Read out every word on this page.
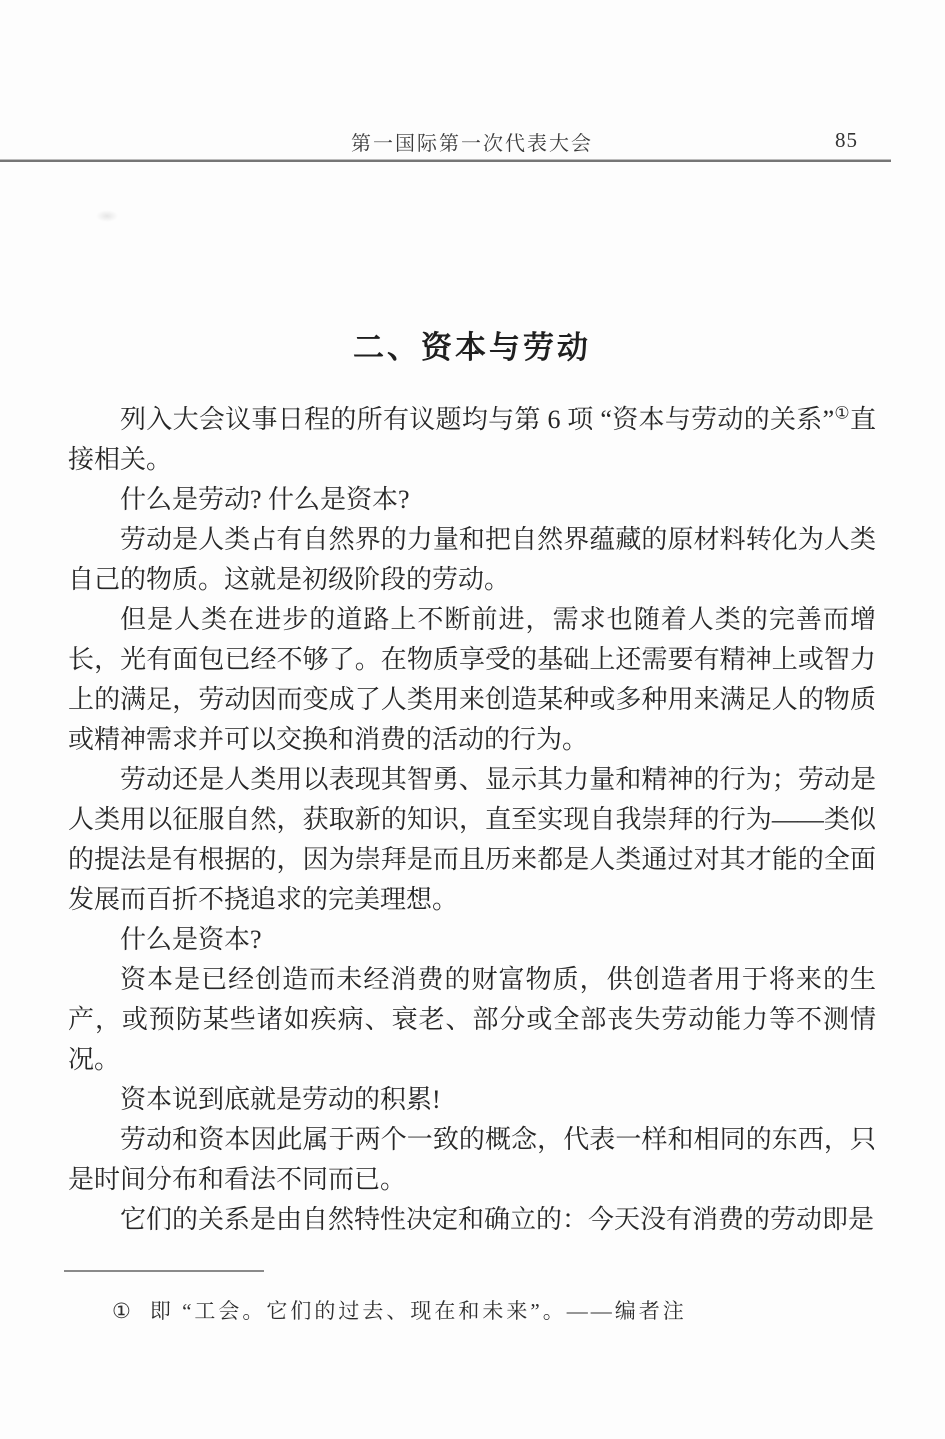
第一国际第一次代表大会	85
二、资本与劳动

列入大会议事日程的所有议题均与第 6 项 “资本与劳动的关系”①直接相关。

什么是劳动? 什么是资本?

劳动是人类占有自然界的力量和把自然界蕴藏的原材料转化为人类自己的物质。这就是初级阶段的劳动。

但是人类在进步的道路上不断前进，需求也随着人类的完善而增长，光有面包已经不够了。在物质享受的基础上还需要有精神上或智力上的满足，劳动因而变成了人类用来创造某种或多种用来满足人的物质或精神需求并可以交换和消费的活动的行为。

劳动还是人类用以表现其智勇、显示其力量和精神的行为；劳动是人类用以征服自然，获取新的知识，直至实现自我崇拜的行为——类似的提法是有根据的，因为崇拜是而且历来都是人类通过对其才能的全面发展而百折不挠追求的完美理想。

什么是资本?

资本是已经创造而未经消费的财富物质，供创造者用于将来的生产，或预防某些诸如疾病、衰老、部分或全部丧失劳动能力等不测情况。

资本说到底就是劳动的积累!

劳动和资本因此属于两个一致的概念，代表一样和相同的东西，只是时间分布和看法不同而已。

它们的关系是由自然特性决定和确立的：今天没有消费的劳动即是

① 即 “工会。它们的过去、现在和未来”。——编者注
